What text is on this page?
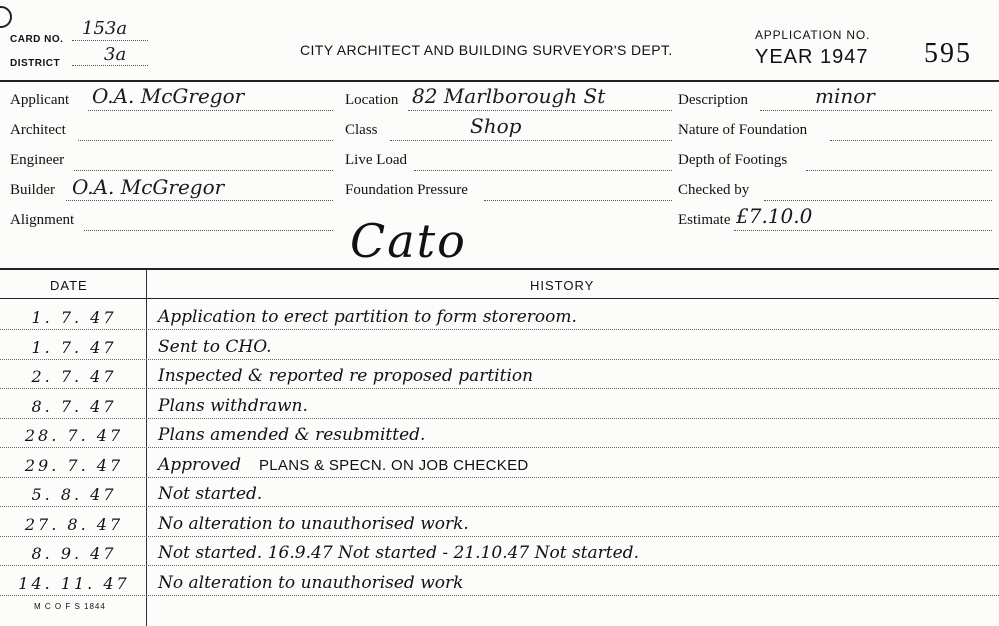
CARD NO.
153a
DISTRICT 3a	CITY ARCHITECT AND BUILDING SURVEYOR'S DEPT.
APPLICATION NO.
YEAR 1947 595
Applicant O.A. McGregor
Architect
Engineer
Builder O.A. McGregor
Alignment
Location 82 Marlborough St
Class	Shop
Live Load
Foundation Pressure
Description	minor
Nature of Foundation
Depth of Footings
Checked by
Estimate £7.10.0
Cato
DATE	HISTORY
1. 7. 47	Application to erect partition to form storeroom.
1. 7. 47	Sent to CHO.
2. 7. 47	Inspected & reported re proposed partition
8. 7. 47	Plans withdrawn.
28. 7. 47	Plans amended & resubmitted.
29. 7. 47	Approved PLANS & SPECN. ON JOB CHECKED
5. 8. 47	Not started.
27. 8. 47	No alteration to unauthorised work.
8. 9. 47	Not started. 16.9.47 Not started - 21.10.47 Not started.
14. 11. 47	No alteration to unauthorised work
M C O F S 1844
